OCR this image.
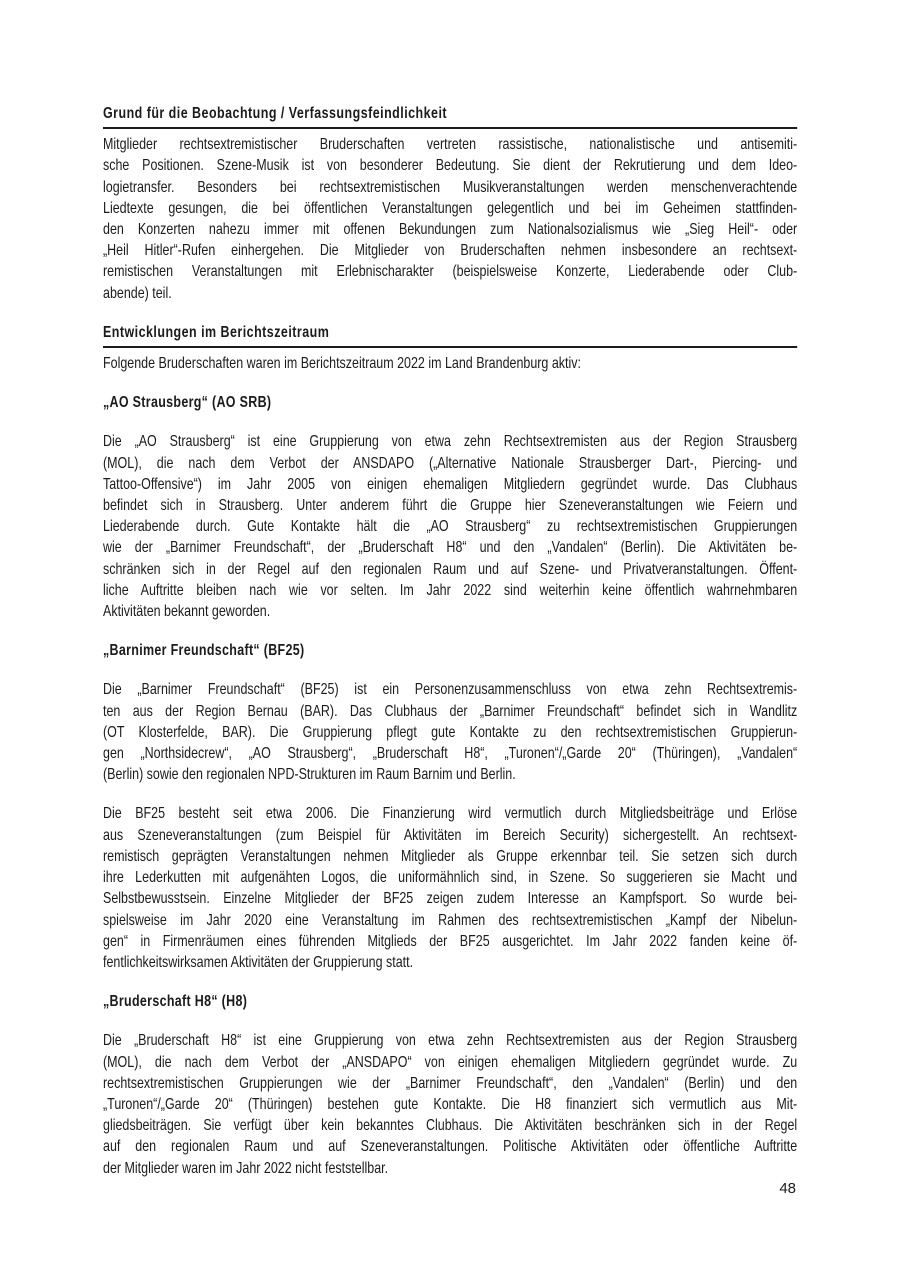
Grund für die Beobachtung / Verfassungsfeindlichkeit
Mitglieder rechtsextremistischer Bruderschaften vertreten rassistische, nationalistische und antisemiti-
sche Positionen. Szene-Musik ist von besonderer Bedeutung. Sie dient der Rekrutierung und dem Ideo-
logietransfer. Besonders bei rechtsextremistischen Musikveranstaltungen werden menschenverachtende
Liedtexte gesungen, die bei öffentlichen Veranstaltungen gelegentlich und bei im Geheimen stattfinden-
den Konzerten nahezu immer mit offenen Bekundungen zum Nationalsozialismus wie „Sieg Heil“- oder
„Heil Hitler“-Rufen einhergehen. Die Mitglieder von Bruderschaften nehmen insbesondere an rechtsext-
remistischen Veranstaltungen mit Erlebnischarakter (beispielsweise Konzerte, Liederabende oder Club-
abende) teil.
Entwicklungen im Berichtszeitraum
Folgende Bruderschaften waren im Berichtszeitraum 2022 im Land Brandenburg aktiv:
„AO Strausberg“ (AO SRB)
Die „AO Strausberg“ ist eine Gruppierung von etwa zehn Rechtsextremisten aus der Region Strausberg
(MOL), die nach dem Verbot der ANSDAPO („Alternative Nationale Strausberger Dart-, Piercing- und
Tattoo-Offensive“) im Jahr 2005 von einigen ehemaligen Mitgliedern gegründet wurde. Das Clubhaus
befindet sich in Strausberg. Unter anderem führt die Gruppe hier Szeneveranstaltungen wie Feiern und
Liederabende durch. Gute Kontakte hält die „AO Strausberg“ zu rechtsextremistischen Gruppierungen
wie der „Barnimer Freundschaft“, der „Bruderschaft H8“ und den „Vandalen“ (Berlin). Die Aktivitäten be-
schränken sich in der Regel auf den regionalen Raum und auf Szene- und Privatveranstaltungen. Öffent-
liche Auftritte bleiben nach wie vor selten. Im Jahr 2022 sind weiterhin keine öffentlich wahrnehmbaren
Aktivitäten bekannt geworden.
„Barnimer Freundschaft“ (BF25)
Die „Barnimer Freundschaft“ (BF25) ist ein Personenzusammenschluss von etwa zehn Rechtsextremis-
ten aus der Region Bernau (BAR). Das Clubhaus der „Barnimer Freundschaft“ befindet sich in Wandlitz
(OT Klosterfelde, BAR). Die Gruppierung pflegt gute Kontakte zu den rechtsextremistischen Gruppierun-
gen „Northsidecrew“, „AO Strausberg“, „Bruderschaft H8“, „Turonen“/„Garde 20“ (Thüringen), „Vandalen“
(Berlin) sowie den regionalen NPD-Strukturen im Raum Barnim und Berlin.
Die BF25 besteht seit etwa 2006. Die Finanzierung wird vermutlich durch Mitgliedsbeiträge und Erlöse
aus Szeneveranstaltungen (zum Beispiel für Aktivitäten im Bereich Security) sichergestellt. An rechtsext-
remistisch geprägten Veranstaltungen nehmen Mitglieder als Gruppe erkennbar teil. Sie setzen sich durch
ihre Lederkutten mit aufgenähten Logos, die uniformähnlich sind, in Szene. So suggerieren sie Macht und
Selbstbewusstsein. Einzelne Mitglieder der BF25 zeigen zudem Interesse an Kampfsport. So wurde bei-
spielsweise im Jahr 2020 eine Veranstaltung im Rahmen des rechtsextremistischen „Kampf der Nibelun-
gen“ in Firmenräumen eines führenden Mitglieds der BF25 ausgerichtet. Im Jahr 2022 fanden keine öf-
fentlichkeitswirksamen Aktivitäten der Gruppierung statt.
„Bruderschaft H8“ (H8)
Die „Bruderschaft H8“ ist eine Gruppierung von etwa zehn Rechtsextremisten aus der Region Strausberg
(MOL), die nach dem Verbot der „ANSDAPO“ von einigen ehemaligen Mitgliedern gegründet wurde. Zu
rechtsextremistischen Gruppierungen wie der „Barnimer Freundschaft“, den „Vandalen“ (Berlin) und den
„Turonen“/„Garde 20“ (Thüringen) bestehen gute Kontakte. Die H8 finanziert sich vermutlich aus Mit-
gliedsbeiträgen. Sie verfügt über kein bekanntes Clubhaus. Die Aktivitäten beschränken sich in der Regel
auf den regionalen Raum und auf Szeneveranstaltungen. Politische Aktivitäten oder öffentliche Auftritte
der Mitglieder waren im Jahr 2022 nicht feststellbar.
48
